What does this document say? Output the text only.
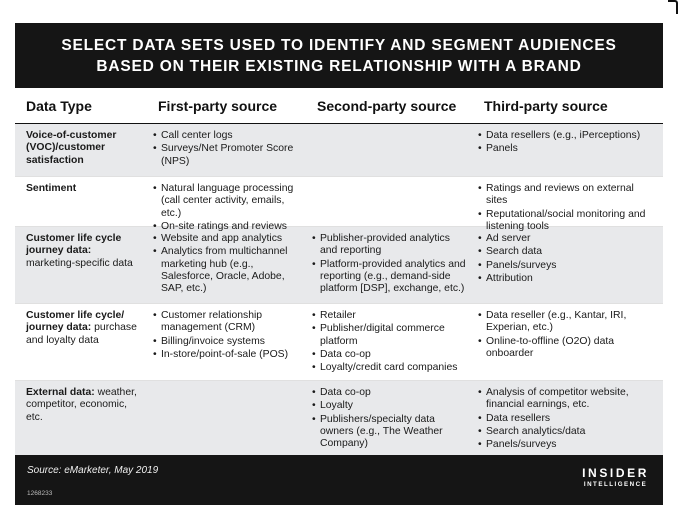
SELECT DATA SETS USED TO IDENTIFY AND SEGMENT AUDIENCES
BASED ON THEIR EXISTING RELATIONSHIP WITH A BRAND
Data Type	First-party source	Second-party source	Third-party source
Voice-of-customer (VOC)/customer satisfaction
• Call center logs
• Surveys/Net Promoter Score (NPS)
• Data resellers (e.g., iPerceptions)
• Panels
Sentiment
•	Natural language processing (call center activity, emails, etc.)
• On-site ratings and reviews
• Ratings and reviews on external sites
• Reputational/social monitoring and listening tools
Customer life cycle journey data: marketing-specific data
• Website and app analytics
• Analytics from multichannel marketing hub (e.g., Salesforce, Oracle, Adobe, SAP, etc.)
• Publisher-provided analytics and reporting
• Platform-provided analytics and reporting (e.g., demand-side platform [DSP], exchange, etc.)
• Ad server
• Search data
• Panels/surveys
• Attribution
Customer life cycle/ journey data: purchase and loyalty data
• Customer relationship management (CRM)
• Billing/invoice systems
• In-store/point-of-sale (POS)
• Retailer
• Publisher/digital commerce platform
• Data co-op
• Loyalty/credit card companies
• Data reseller (e.g., Kantar, IRI, Experian, etc.)
• Online-to-offline (O2O) data onboarder
External data: weather, competitor, economic, etc.
• Data co-op
• Loyalty
• Publishers/specialty data owners (e.g., The Weather Company)
• Analysis of competitor website, financial earnings, etc.
• Data resellers
• Search analytics/data
• Panels/surveys
Source: eMarketer, May 2019
1268233
INSIDER
INTELLIGENCE
